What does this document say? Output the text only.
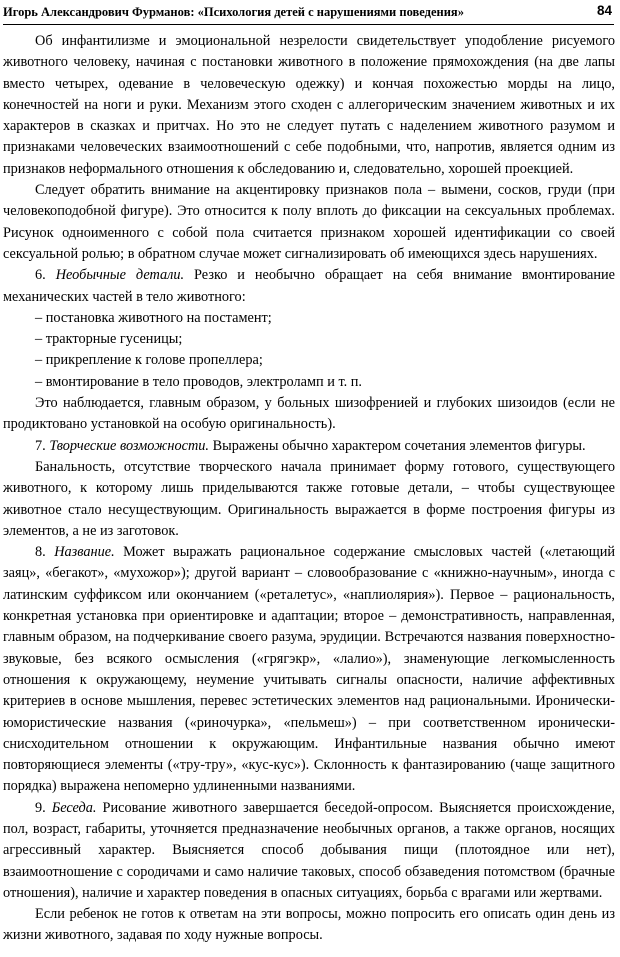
Игорь Александрович Фурманов: «Психология детей с нарушениями поведения»	84

Об инфантилизме и эмоциональной незрелости свидетельствует уподобление рисуемого животного человеку, начиная с постановки животного в положение прямохождения (на две лапы вместо четырех, одевание в человеческую одежку) и кончая похожестью морды на лицо, конечностей на ноги и руки. Механизм этого сходен с аллегорическим значением животных и их характеров в сказках и притчах. Но это не следует путать с наделением животного разумом и признаками человеческих взаимоотношений с себе подобными, что, напротив, является одним из признаков неформального отношения к обследованию и, следовательно, хорошей проекцией.

Следует обратить внимание на акцентировку признаков пола – вымени, сосков, груди (при человекоподобной фигуре). Это относится к полу вплоть до фиксации на сексуальных проблемах. Рисунок одноименного с собой пола считается признаком хорошей идентификации со своей сексуальной ролью; в обратном случае может сигнализировать об имеющихся здесь нарушениях.

6. Необычные детали. Резко и необычно обращает на себя внимание вмонтирование механических частей в тело животного:

– постановка животного на постамент;

– тракторные гусеницы;

– прикрепление к голове пропеллера;

– вмонтирование в тело проводов, электроламп и т. п.

Это наблюдается, главным образом, у больных шизофренией и глубоких шизоидов (если не продиктовано установкой на особую оригинальность).

7. Творческие возможности. Выражены обычно характером сочетания элементов фигуры.

Банальность, отсутствие творческого начала принимает форму готового, существующего животного, к которому лишь приделываются также готовые детали, – чтобы существующее животное стало несуществующим. Оригинальность выражается в форме построения фигуры из элементов, а не из заготовок.

8. Название. Может выражать рациональное содержание смысловых частей («летающий заяц», «бегакот», «мухожор»); другой вариант – словообразование с «книжно-научным», иногда с латинским суффиксом или окончанием («реталетус», «наплиолярия»). Первое – рациональность, конкретная установка при ориентировке и адаптации; второе – демонстративность, направленная, главным образом, на подчеркивание своего разума, эрудиции. Встречаются названия поверхностно-звуковые, без всякого осмысления («грягэкр», «лалио»), знаменующие легкомысленность отношения к окружающему, неумение учитывать сигналы опасности, наличие аффективных критериев в основе мышления, перевес эстетических элементов над рациональными. Иронически-юмористические названия («риночурка», «пельмеш») – при соответственном иронически-снисходительном отношении к окружающим. Инфантильные названия обычно имеют повторяющиеся элементы («тру-тру», «кус-кус»). Склонность к фантазированию (чаще защитного порядка) выражена непомерно удлиненными названиями.

9. Беседа. Рисование животного завершается беседой-опросом. Выясняется происхождение, пол, возраст, габариты, уточняется предназначение необычных органов, а также органов, носящих агрессивный характер. Выясняется способ добывания пищи (плотоядное или нет), взаимоотношение с сородичами и само наличие таковых, способ обзаведения потомством (брачные отношения), наличие и характер поведения в опасных ситуациях, борьба с врагами или жертвами.

Если ребенок не готов к ответам на эти вопросы, можно попросить его описать один день из жизни животного, задавая по ходу нужные вопросы.
